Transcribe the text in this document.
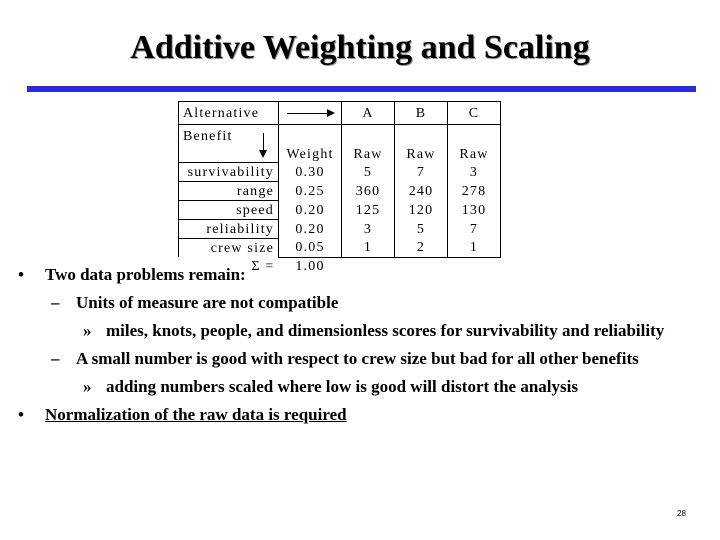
Additive Weighting and Scaling
Alternative		A	B	C
Benefit	Weight	Raw	Raw	Raw
survivability	0.30	5	7	3
range	0.25	360	240	278
speed	0.20	125	120	130
reliability	0.20	3	5	7
crew size	0.05	1	2	1
Σ =	1.00			
• Two data problems remain:
– Units of measure are not compatible
» miles, knots, people, and dimensionless scores for survivability and reliability
– A small number is good with respect to crew size but bad for all other benefits
» adding numbers scaled where low is good will distort the analysis
• Normalization of the raw data is required
28
